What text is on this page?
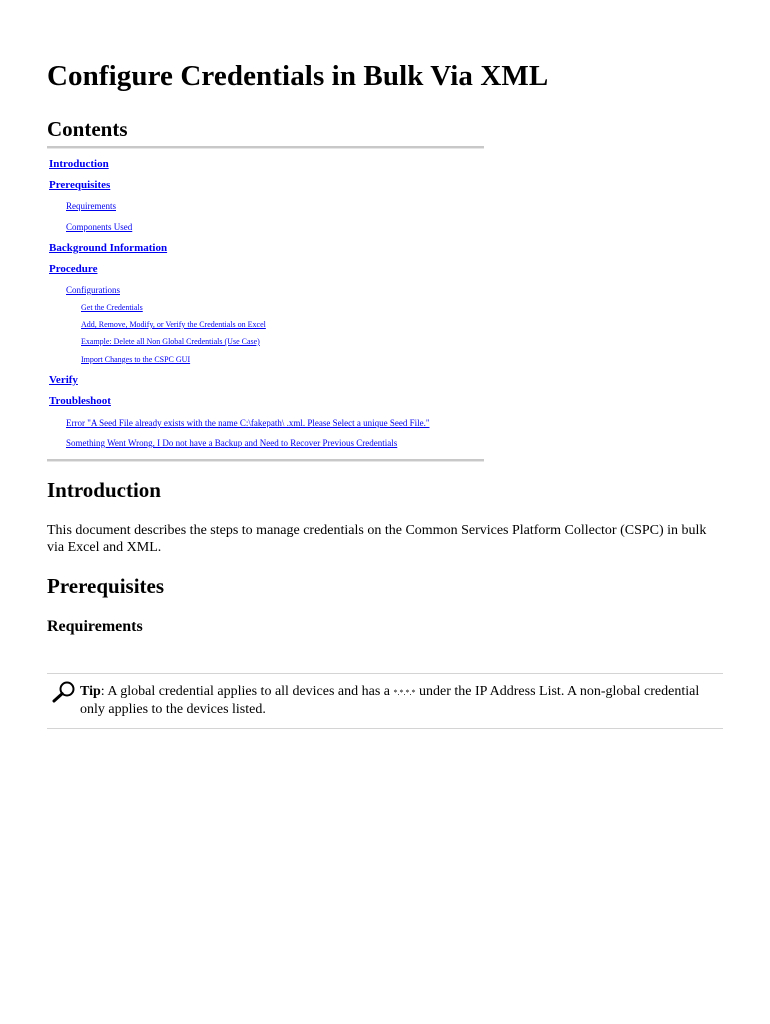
Configure Credentials in Bulk Via XML
Contents
Introduction
Prerequisites
Requirements
Components Used
Background Information
Procedure
Configurations
Get the Credentials
Add, Remove, Modify, or Verify the Credentials on Excel
Example: Delete all Non Global Credentials (Use Case)
Import Changes to the CSPC GUI
Verify
Troubleshoot
Error "A Seed File already exists with the name C:\fakepath\ .xml. Please Select a unique Seed File."
Something Went Wrong, I Do not have a Backup and Need to Recover Previous Credentials
Introduction

This document describes the steps to manage credentials on the Common Services Platform Collector (CSPC) in bulk via Excel and XML.

Prerequisites
Requirements

Tip: A global credential applies to all devices and has a *.*.*.* under the IP Address List. A non-global credential only applies to the devices listed.
